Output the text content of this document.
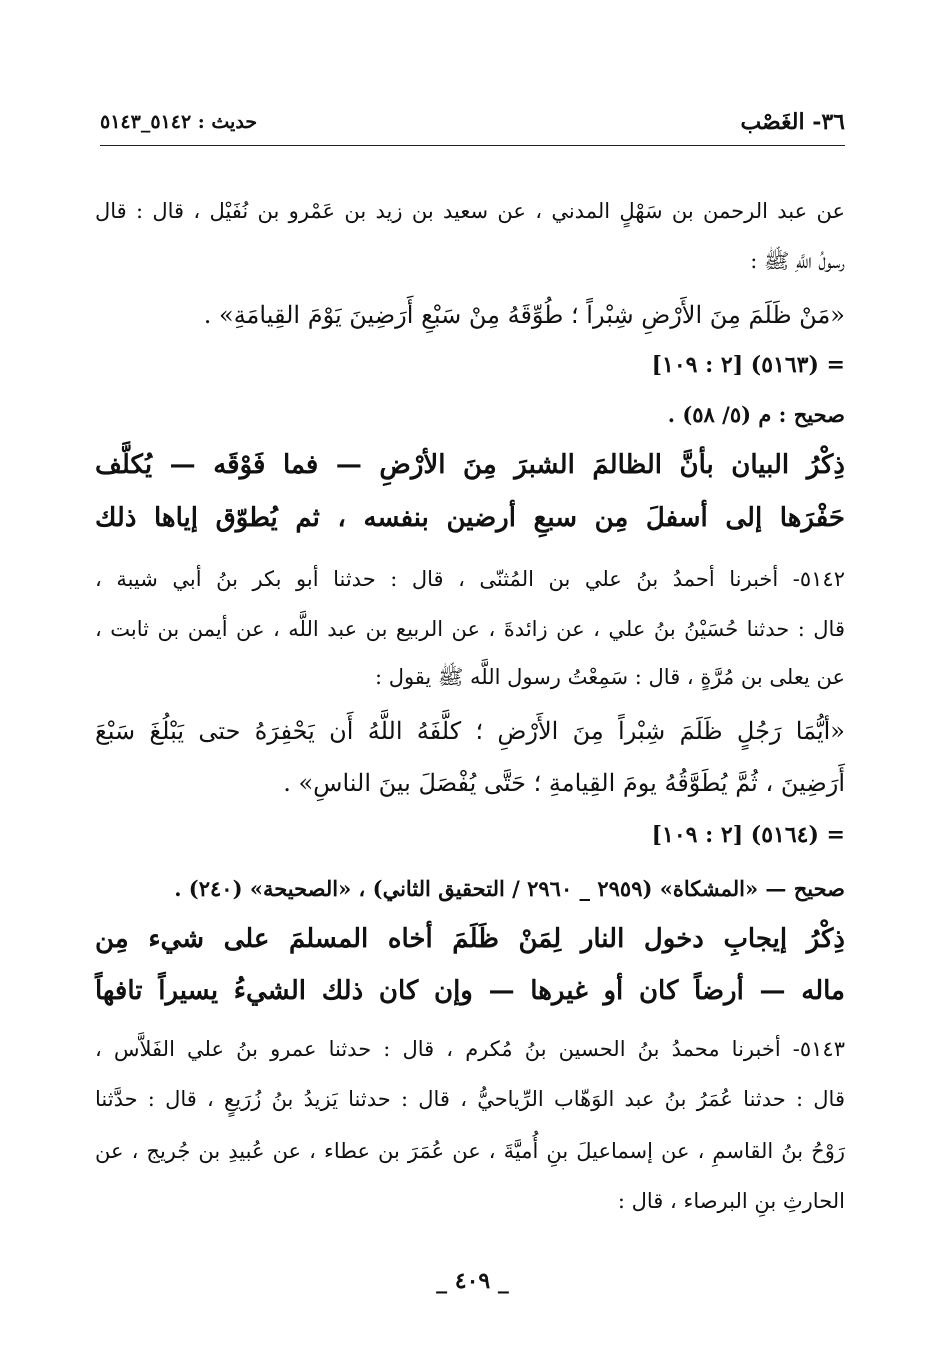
٣٦- الغَصْب
حديث : ٥١٤٢_٥١٤٣
عن عبد الرحمن بن سَهْلٍ المدني ، عن سعيد بن زيد بن عَمْرو بن نُفَيْل ، قال : قال
رسولُ اللَّهِ ﷺ :
«مَنْ ظَلَمَ مِنَ الأَرْضِ شِبْراً ؛ طُوِّقَهُ مِنْ سَبْعِ أَرَضِينَ يَوْمَ القِيامَةِ» .
= (٥١٦٣) [٢ : ١٠٩]
صحيح : م (٥/ ٥٨) .
ذِكْرُ البيان بأنَّ الظالمَ الشبرَ مِنَ الأرْضِ — فما فَوْقَه — يُكلَّف
حَفْرَها إلى أسفلَ مِن سبعِ أرضين بنفسه ، ثم يُطوّق إياها ذلك
٥١٤٢- أخبرنا أحمدُ بنُ علي بن المُثنّى ، قال : حدثنا أبو بكر بنُ أبي شيبة ،
قال : حدثنا حُسَيْنُ بنُ علي ، عن زائدةَ ، عن الربيع بن عبد اللَّه ، عن أيمن بن ثابت ،
عن يعلى بن مُرَّةٍ ، قال : سَمِعْتُ رسول اللَّه ﷺ يقول :
«أيُّمَا رَجُلٍ ظَلَمَ شِبْراً مِنَ الأَرْضِ ؛ كلَّفَهُ اللَّهُ أَن يَحْفِرَهُ حتى يَبْلُغَ سَبْعَ
أَرَضِينَ ، ثُمَّ يُطَوَّقُهُ يومَ القِيامةِ ؛ حَتَّى يُفْصَلَ بينَ الناسِ» .
= (٥١٦٤) [٢ : ١٠٩]
صحيح — «المشكاة» (٢٩٥٩ _ ٢٩٦٠ / التحقيق الثاني) ، «الصحيحة» (٢٤٠) .
ذِكْرُ إيجابِ دخول النار لِمَنْ ظَلَمَ أخاه المسلمَ على شيء مِن
ماله — أرضاً كان أو غيرها — وإن كان ذلك الشيءُ يسيراً تافهاً
٥١٤٣- أخبرنا محمدُ بنُ الحسين بنُ مُكرم ، قال : حدثنا عمرو بنُ علي الفَلاَّس ،
قال : حدثنا عُمَرُ بنُ عبد الوَهّاب الرِّياحيُّ ، قال : حدثنا يَزيدُ بنُ زُرَيعٍ ، قال : حدَّثنا
رَوْحُ بنُ القاسمِ ، عن إسماعيلَ بنِ أُميَّةَ ، عن عُمَرَ بن عطاء ، عن عُبيدِ بن جُريج ، عن
الحارثِ بنِ البرصاء ، قال :
_ ٤٠٩ _
